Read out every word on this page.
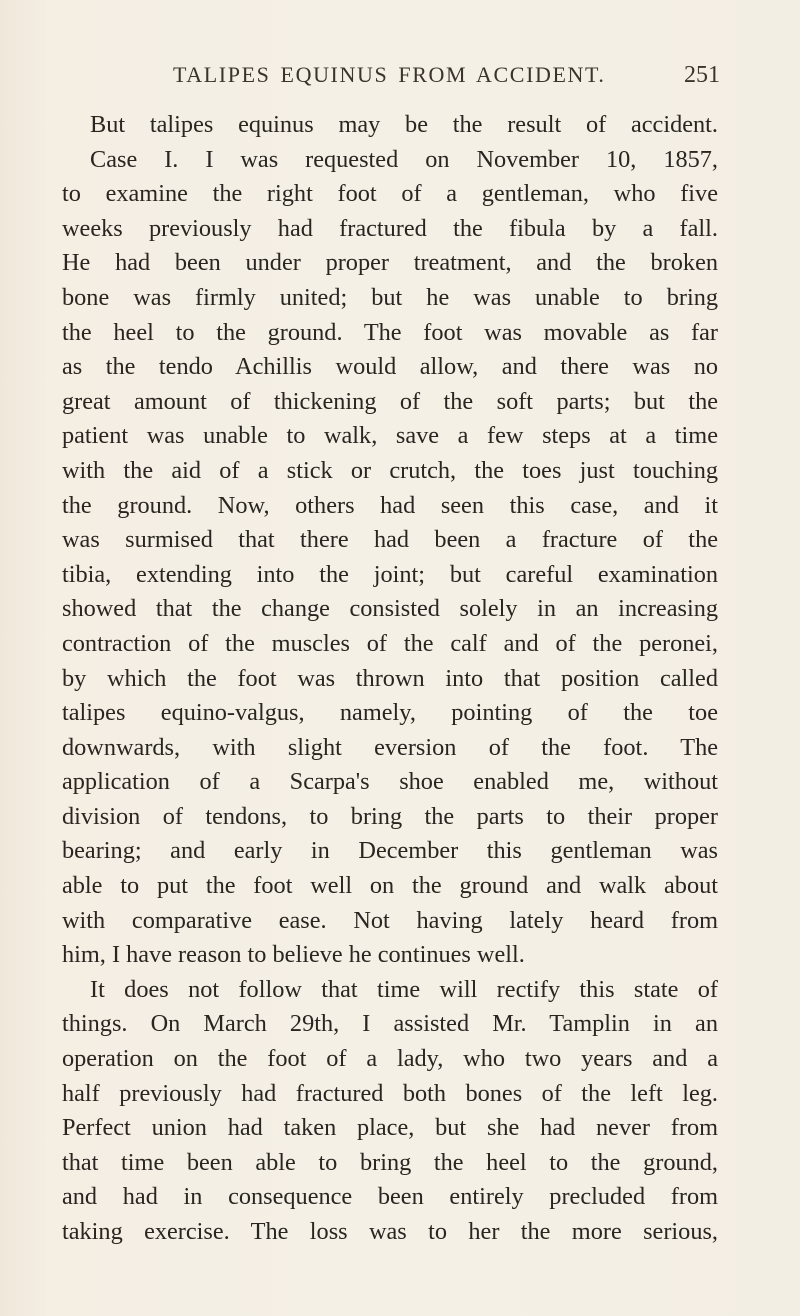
TALIPES EQUINUS FROM ACCIDENT.	251
But talipes equinus may be the result of accident.
Case I. I was requested on November 10, 1857,
to examine the right foot of a gentleman, who five
weeks previously had fractured the fibula by a fall.
He had been under proper treatment, and the broken
bone was firmly united; but he was unable to bring
the heel to the ground. The foot was movable as far
as the tendo Achillis would allow, and there was no
great amount of thickening of the soft parts; but the
patient was unable to walk, save a few steps at a time
with the aid of a stick or crutch, the toes just touching
the ground. Now, others had seen this case, and it
was surmised that there had been a fracture of the
tibia, extending into the joint; but careful examination
showed that the change consisted solely in an increasing
contraction of the muscles of the calf and of the peronei,
by which the foot was thrown into that position called
talipes equino-valgus, namely, pointing of the toe
downwards, with slight eversion of the foot. The
application of a Scarpa's shoe enabled me, without
division of tendons, to bring the parts to their proper
bearing; and early in December this gentleman was
able to put the foot well on the ground and walk about
with comparative ease. Not having lately heard from
him, I have reason to believe he continues well.
It does not follow that time will rectify this state of
things. On March 29th, I assisted Mr. Tamplin in an
operation on the foot of a lady, who two years and a
half previously had fractured both bones of the left leg.
Perfect union had taken place, but she had never from
that time been able to bring the heel to the ground,
and had in consequence been entirely precluded from
taking exercise. The loss was to her the more serious,
